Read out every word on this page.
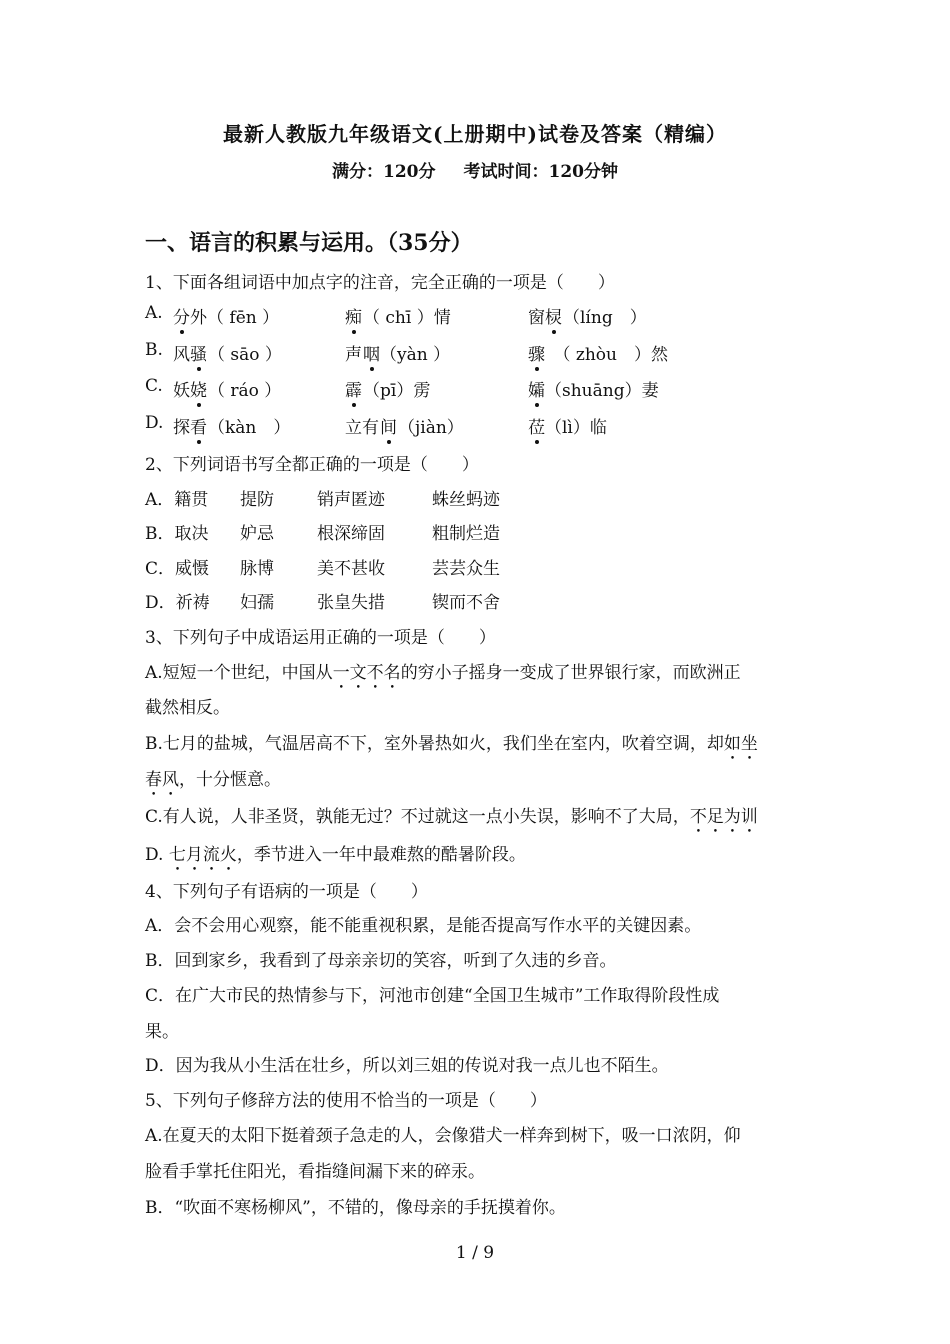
最新人教版九年级语文(上册期中)试卷及答案（精编）
满分：120分 考试时间：120分钟
一、语言的积累与运用。（35分）
1、下面各组词语中加点字的注音，完全正确的一项是（　　）
A. 分 外（ fēn ）	痴 （ chī ）情	窗 棂 （líng　）
B. 风 骚 （ sāo ）	声 咽 （yàn ）	骤 　（ zhòu　）然
C. 妖 娆 （ ráo ）	霹 （pī）雳	孀 （shuāng）妻
D. 探 看 （kàn　）	立有 间 （jiàn）	莅 （lì）临
2、下列词语书写全都正确的一项是（　　）
A．籍贯 提防	销声匿迹	蛛丝蚂迹
B．取决 妒忌	根深缔固	粗制烂造
C．威慑 脉博	美不甚收	芸芸众生
D．祈祷 妇孺	张皇失措	锲而不舍
3、下列句子中成语运用正确的一项是（　　）
A.短短一个世纪，中国从一文不名的穷小子摇身一变成了世界银行家，而欧洲正
截然相反。
B.七月的盐城，气温居高不下，室外暑热如火，我们坐在室内，吹着空调，却如坐
春风，十分惬意。
C.有人说，人非圣贤，孰能无过？不过就这一点小失误，影响不了大局，不足为训
D. 七月流火，季节进入一年中最难熬的酷暑阶段。
4、下列句子有语病的一项是（　　）
A．会不会用心观察，能不能重视积累，是能否提高写作水平的关键因素。
B．回到家乡，我看到了母亲亲切的笑容，听到了久违的乡音。
C．在广大市民的热情参与下，河池市创建“全国卫生城市”工作取得阶段性成
果。
D．因为我从小生活在壮乡，所以刘三姐的传说对我一点儿也不陌生。
5、下列句子修辞方法的使用不恰当的一项是（　　）
A.在夏天的太阳下挺着颈子急走的人，会像猎犬一样奔到树下，吸一口浓阴，仰
脸看手掌托住阳光，看指缝间漏下来的碎汞。
B．“吹面不寒杨柳风”，不错的，像母亲的手抚摸着你。
1 / 9
